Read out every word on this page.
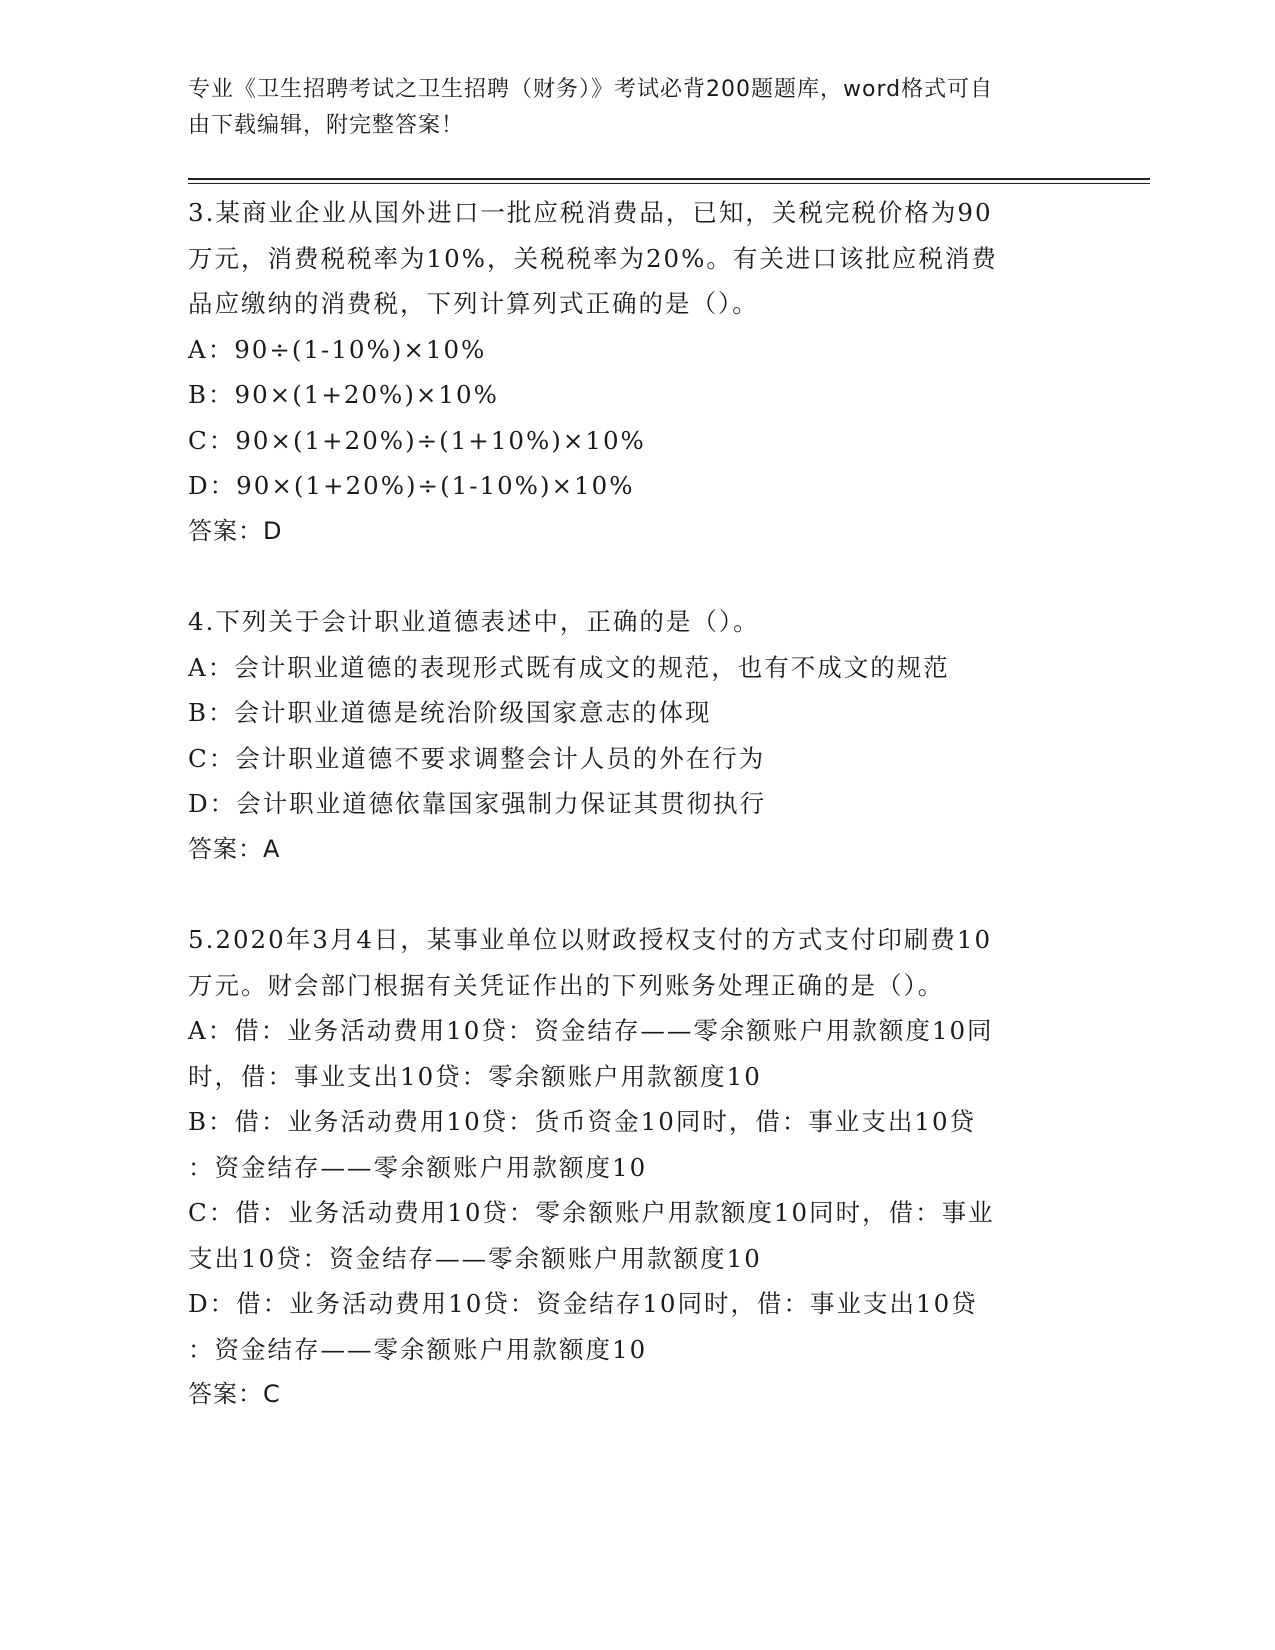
专业《卫生招聘考试之卫生招聘（财务）》考试必背200题题库，word格式可自
由下载编辑，附完整答案！

3.某商业企业从国外进口一批应税消费品，已知，关税完税价格为90

万元，消费税税率为10%，关税税率为20%。有关进口该批应税消费

品应缴纳的消费税，下列计算列式正确的是（）。

A：90÷(1-10%)×10%

B：90×(1+20%)×10%

C：90×(1+20%)÷(1+10%)×10%

D：90×(1+20%)÷(1-10%)×10%

答案：D

4.下列关于会计职业道德表述中，正确的是（）。

A：会计职业道德的表现形式既有成文的规范，也有不成文的规范

B：会计职业道德是统治阶级国家意志的体现

C：会计职业道德不要求调整会计人员的外在行为

D：会计职业道德依靠国家强制力保证其贯彻执行

答案：A

5.2020年3月4日，某事业单位以财政授权支付的方式支付印刷费10

万元。财会部门根据有关凭证作出的下列账务处理正确的是（）。

A：借：业务活动费用10贷：资金结存——零余额账户用款额度10同

时，借：事业支出10贷：零余额账户用款额度10

B：借：业务活动费用10贷：货币资金10同时，借：事业支出10贷

：资金结存——零余额账户用款额度10

C：借：业务活动费用10贷：零余额账户用款额度10同时，借：事业

支出10贷：资金结存——零余额账户用款额度10

D：借：业务活动费用10贷：资金结存10同时，借：事业支出10贷

：资金结存——零余额账户用款额度10

答案：C
